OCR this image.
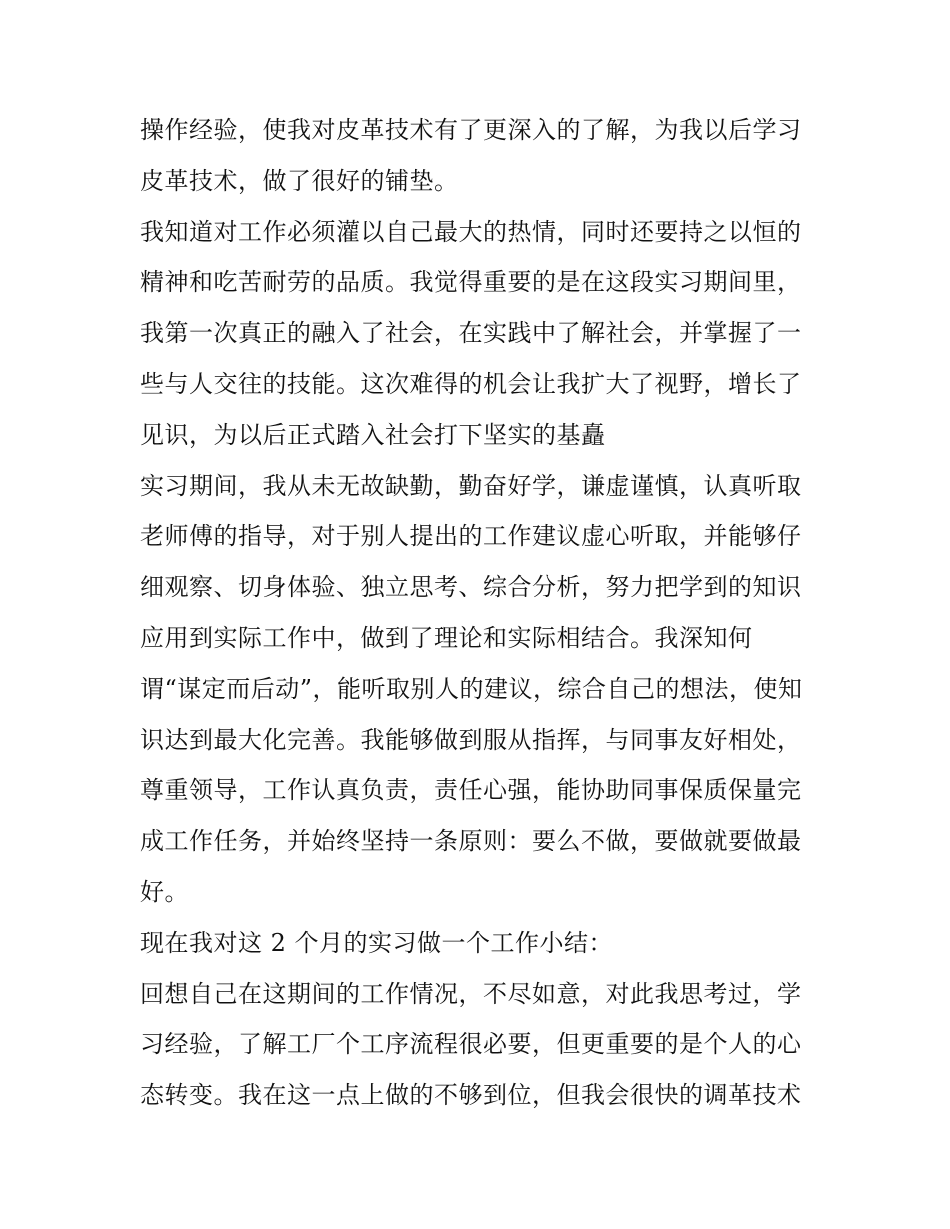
操作经验，使我对皮革技术有了更深入的了解，为我以后学习
皮革技术，做了很好的铺垫。
我知道对工作必须灌以自己最大的热情，同时还要持之以恒的
精神和吃苦耐劳的品质。我觉得重要的是在这段实习期间里，
我第一次真正的融入了社会，在实践中了解社会，并掌握了一
些与人交往的技能。这次难得的机会让我扩大了视野，增长了
见识，为以后正式踏入社会打下坚实的基矗
实习期间，我从未无故缺勤，勤奋好学，谦虚谨慎，认真听取
老师傅的指导，对于别人提出的工作建议虚心听取，并能够仔
细观察、切身体验、独立思考、综合分析，努力把学到的知识
应用到实际工作中，做到了理论和实际相结合。我深知何
谓“谋定而后动”，能听取别人的建议，综合自己的想法，使知
识达到最大化完善。我能够做到服从指挥，与同事友好相处，
尊重领导，工作认真负责，责任心强，能协助同事保质保量完
成工作任务，并始终坚持一条原则：要么不做，要做就要做最
好。
现在我对这 2 个月的实习做一个工作小结：
回想自己在这期间的工作情况，不尽如意，对此我思考过，学
习经验，了解工厂个工序流程很必要，但更重要的是个人的心
态转变。我在这一点上做的不够到位，但我会很快的调革技术
